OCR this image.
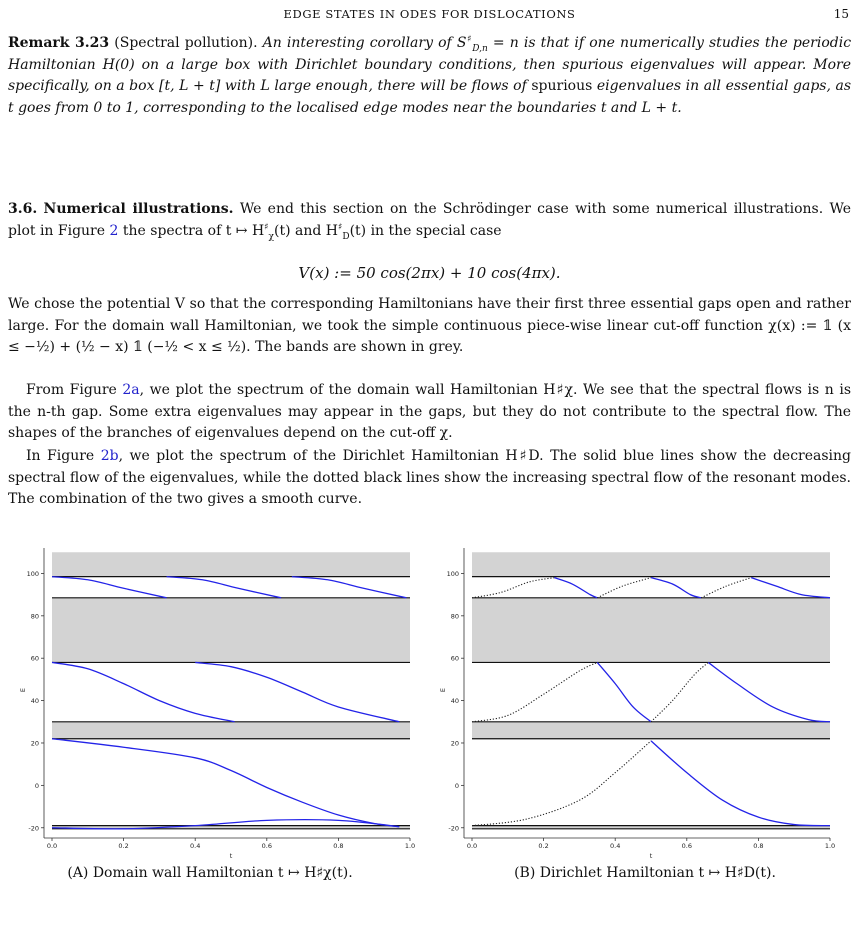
EDGE STATES IN ODES FOR DISLOCATIONS	15

Remark 3.23 (Spectral pollution). An interesting corollary of $S^♯_{D,n} = n$ is that if one numerically studies the periodic Hamiltonian H(0) on a large box with Dirichlet boundary conditions, then spurious eigenvalues will appear. More specifically, on a box [t, L + t] with L large enough, there will be flows of spurious eigenvalues in all essential gaps, as t goes from 0 to 1, corresponding to the localised edge modes near the boundaries t and L + t.

3.6. Numerical illustrations. We end this section on the Schrödinger case with some numerical illustrations. We plot in Figure 2 the spectra of t ↦ $H^♯_\chi(t)$ and $H^♯_D(t)$ in the special case

V(x) := 50 cos(2πx) + 10 cos(4πx).

We chose the potential V so that the corresponding Hamiltonians have their first three essential gaps open and rather large. For the domain wall Hamiltonian, we took the simple continuous piece-wise linear cut-off function χ(x) := 𝟙 (x ≤ −½) + (½ − x) 𝟙 (−½ < x ≤ ½). The bands are shown in grey.

From Figure 2a, we plot the spectrum of the domain wall Hamiltonian H♯χ. We see that the spectral flows is n is the n-th gap. Some extra eigenvalues may appear in the gaps, but they do not contribute to the spectral flow. The shapes of the branches of eigenvalues depend on the cut-off χ.

In Figure 2b, we plot the spectrum of the Dirichlet Hamiltonian H♯D. The solid blue lines show the decreasing spectral flow of the eigenvalues, while the dotted black lines show the increasing spectral flow of the resonant modes. The combination of the two gives a smooth curve.

-20
0
20
40
60
80
100
0.0	0.2	0.4	0.6	0.8	1.0
E
t
-20
0
20
40
60
80
100
0.0	0.2	0.4	0.6	0.8	1.0
E
t
(A) Domain wall Hamiltonian t ↦ H♯χ(t).	(B) Dirichlet Hamiltonian t ↦ H♯D(t).
